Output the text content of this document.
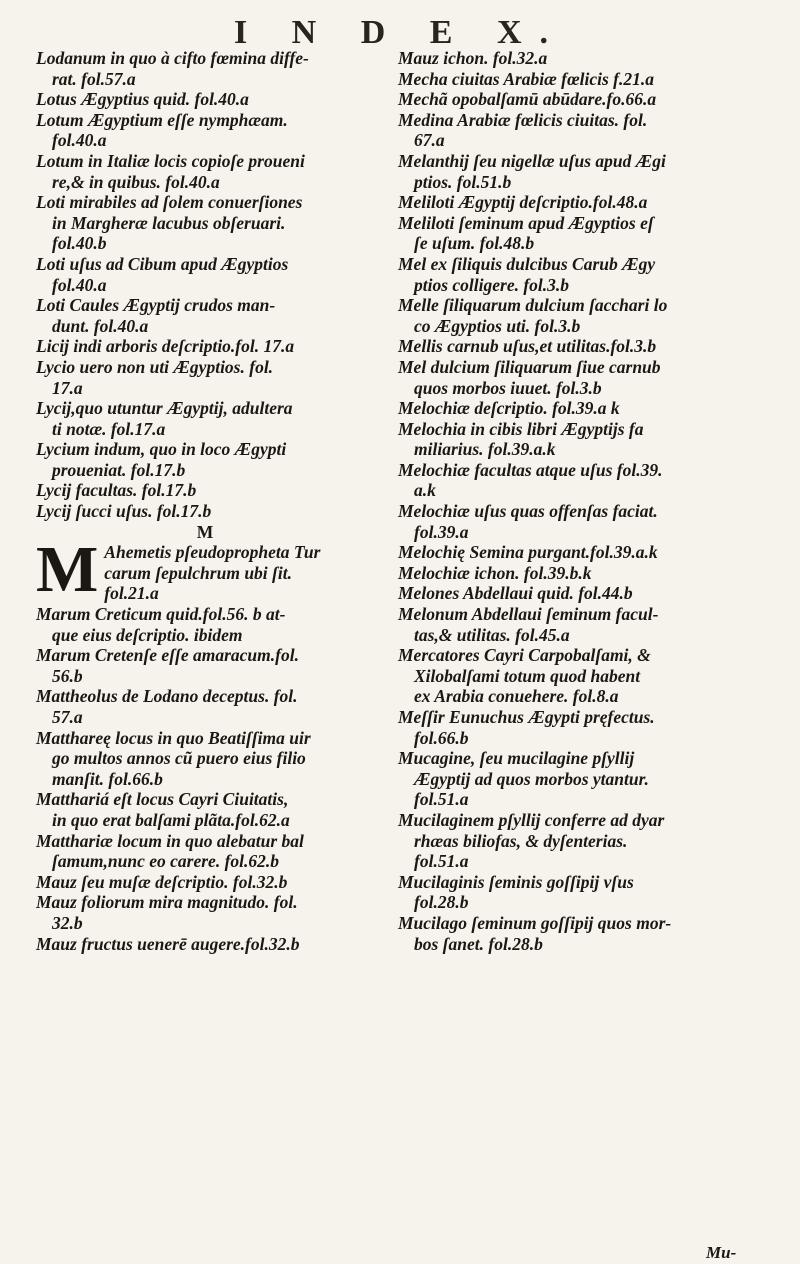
I N D E X.
Lodanum in quo à cifto fœmina diffe-
rat. fol.57.a
Lotus Ægyptius quid. fol.40.a
Lotum Ægyptium eſſe nymphæam.
fol.40.a
Lotum in Italiæ locis copioſe proueni
re,& in quibus. fol.40.a
Loti mirabiles ad ſolem conuerſiones
in Margheræ lacubus obſeruari.
fol.40.b
Loti uſus ad Cibum apud Ægyptios
fol.40.a
Loti Caules Ægyptij crudos man-
dunt. fol.40.a
Licij indi arboris deſcriptio.fol. 17.a
Lycio uero non uti Ægyptios. fol.
17.a
Lycij,quo utuntur Ægyptij, adultera
ti notæ. fol.17.a
Lycium indum, quo in loco Ægypti
proueniat. fol.17.b
Lycij facultas. fol.17.b
Lycij ſucci uſus. fol.17.b
M
M Ahemetis pſeudopropheta Tur
carum ſepulchrum ubi ſit.
fol.21.a
Marum Creticum quid.fol.56. b at-
que eius deſcriptio. ibidem
Marum Cretenſe eſſe amaracum.fol.
56.b
Mattheolus de Lodano deceptus. fol.
57.a
Matthareę locus in quo Beatiſſima uir
go multos annos cũ puero eius filio
manſit. fol.66.b
Matthariá eſt locus Cayri Ciuitatis,
in quo erat balſami plãta.fol.62.a
Matthariæ locum in quo alebatur bal
ſamum,nunc eo carere. fol.62.b
Mauz ſeu muſæ deſcriptio. fol.32.b
Mauz foliorum mira magnitudo. fol.
32.b
Mauz fructus uenerē augere.fol.32.b
Mauz ichon. fol.32.a
Mecha ciuitas Arabiæ fœlicis f.21.a
Mechã opobalſamū abūdare.fo.66.a
Medina Arabiæ fœlicis ciuitas. fol.
67.a
Melanthij ſeu nigellæ uſus apud Ægi
ptios. fol.51.b
Meliloti Ægyptij deſcriptio.fol.48.a
Meliloti ſeminum apud Ægyptios eſ
ſe uſum. fol.48.b
Mel ex ſiliquis dulcibus Carub Ægy
ptios colligere. fol.3.b
Melle ſiliquarum dulcium ſacchari lo
co Ægyptios uti. fol.3.b
Mellis carnub uſus,et utilitas.fol.3.b
Mel dulcium ſiliquarum ſiue carnub
quos morbos iuuet. fol.3.b
Melochiæ deſcriptio. fol.39.a k
Melochia in cibis libri Ægyptijs fa
miliarius. fol.39.a.k
Melochiæ facultas atque uſus fol.39.
a.k
Melochiæ uſus quas offenſas faciat.
fol.39.a
Melochię Semina purgant.fol.39.a.k
Melochiæ ichon. fol.39.b.k
Melones Abdellaui quid. fol.44.b
Melonum Abdellaui ſeminum facul-
tas,& utilitas. fol.45.a
Mercatores Cayri Carpobalſami, &
Xilobalſami totum quod habent
ex Arabia conuehere. fol.8.a
Meſſir Eunuchus Ægypti pręfectus.
fol.66.b
Mucagine, ſeu mucilagine pſyllij
Ægyptij ad quos morbos ytantur.
fol.51.a
Mucilaginem pſyllij conferre ad dyar
rhæas biliofas, & dyſenterias.
fol.51.a
Mucilaginis ſeminis goſſipij vſus
fol.28.b
Mucilago ſeminum goſſipij quos mor-
bos ſanet. fol.28.b
Mu-
